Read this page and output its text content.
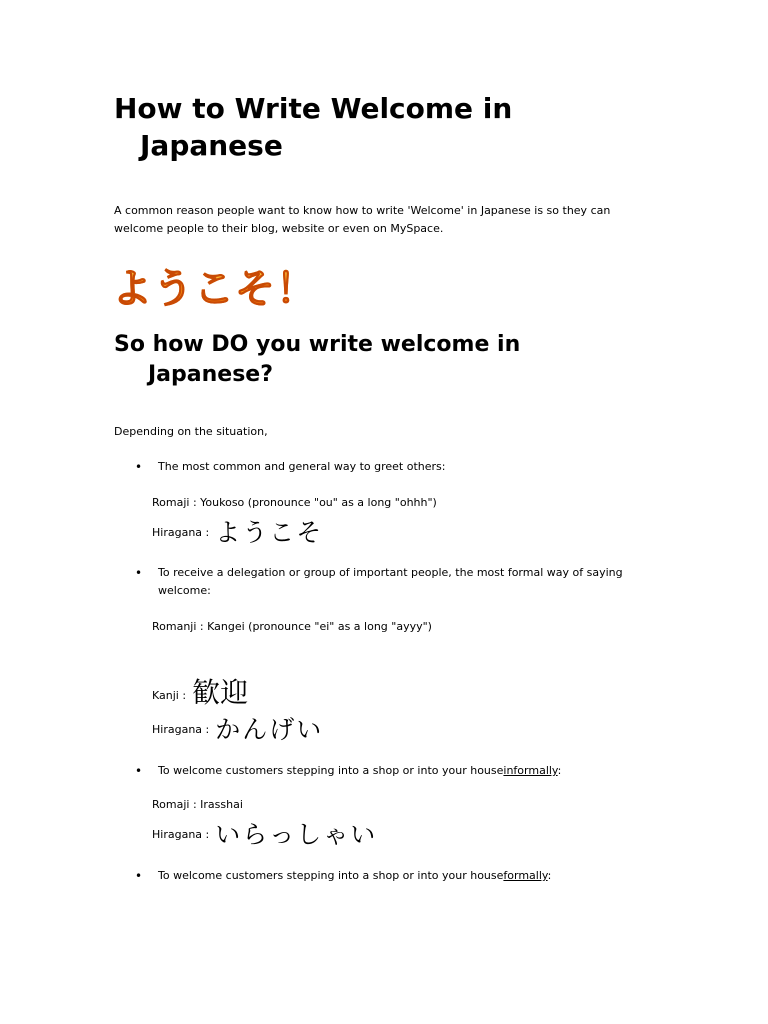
How to Write Welcome in
Japanese

A common reason people want to know how to write 'Welcome' in Japanese is so they can
welcome people to their blog, website or even on MySpace.

ようこそ！
So how DO you write welcome in
Japanese?

Depending on the situation,

• The most common and general way to greet others:
Romaji : Youkoso (pronounce "ou" as a long "ohhh")
Hiragana : ようこそ
• To receive a delegation or group of important people, the most formal way of saying
welcome:
Romanji : Kangei (pronounce "ei" as a long "ayyy")
Kanji : 歓迎
Hiragana : かんげい
• To welcome customers stepping into a shop or into your houseinformally:
Romaji : Irasshai
Hiragana : いらっしゃい
• To welcome customers stepping into a shop or into your houseformally:
